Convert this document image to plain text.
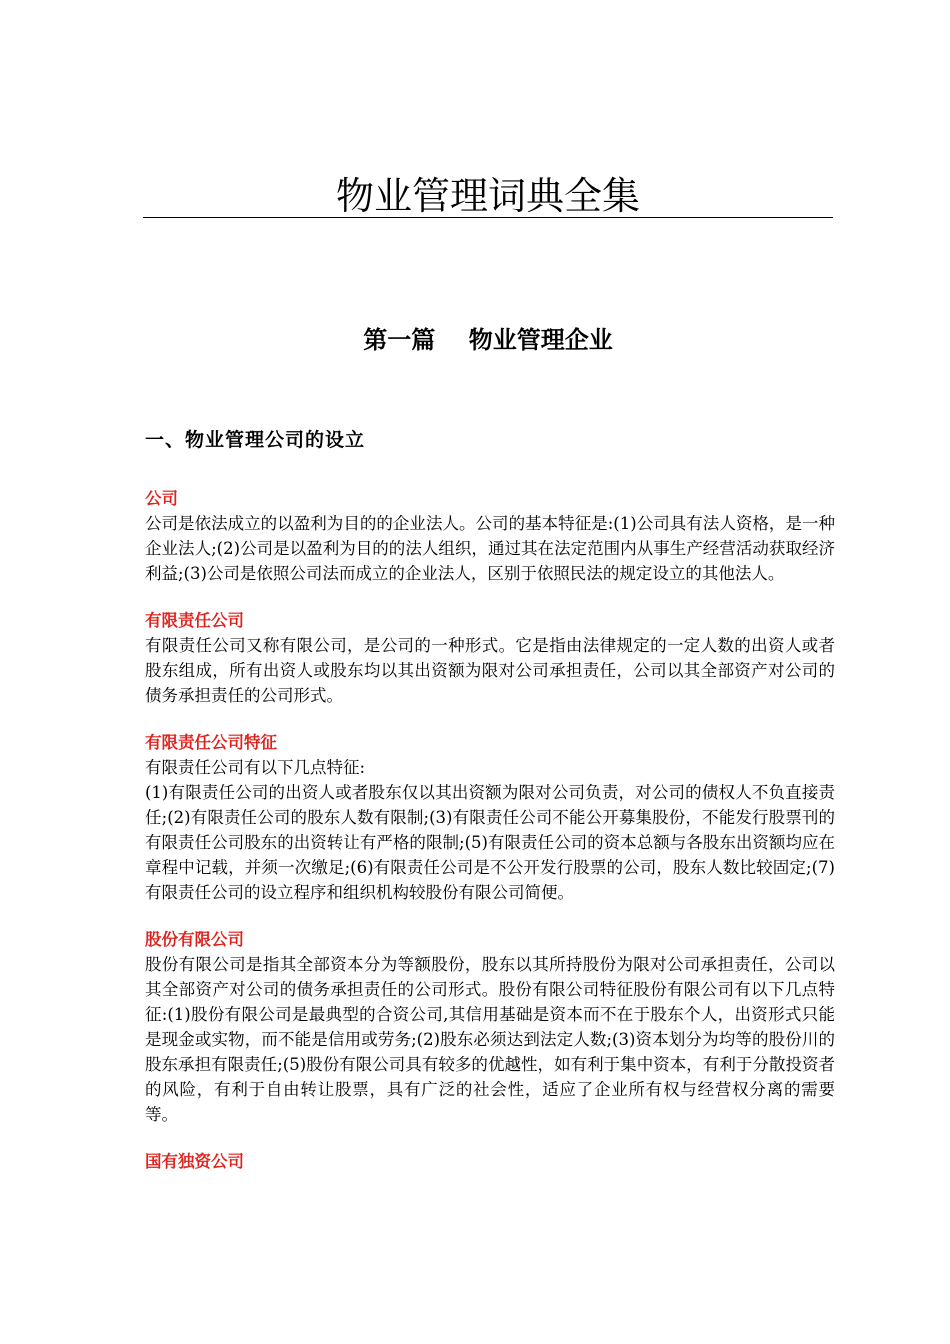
物业管理词典全集
第一篇    物业管理企业
一、物业管理公司的设立

公司

公司是依法成立的以盈利为目的的企业法人。公司的基本特征是:(1)公司具有法人资格，是一种企业法人;(2)公司是以盈利为目的的法人组织，通过其在法定范围内从事生产经营活动获取经济利益;(3)公司是依照公司法而成立的企业法人，区别于依照民法的规定设立的其他法人。

有限责任公司

有限责任公司又称有限公司，是公司的一种形式。它是指由法律规定的一定人数的出资人或者股东组成，所有出资人或股东均以其出资额为限对公司承担责任，公司以其全部资产对公司的债务承担责任的公司形式。

有限责任公司特征

有限责任公司有以下几点特征:

(1)有限责任公司的出资人或者股东仅以其出资额为限对公司负责，对公司的债权人不负直接责任;(2)有限责任公司的股东人数有限制;(3)有限责任公司不能公开募集股份，不能发行股票刊的有限责任公司股东的出资转让有严格的限制;(5)有限责任公司的资本总额与各股东出资额均应在章程中记载，并须一次缴足;(6)有限责任公司是不公开发行股票的公司，股东人数比较固定;(7)有限责任公司的设立程序和组织机构较股份有限公司简便。

股份有限公司

股份有限公司是指其全部资本分为等额股份，股东以其所持股份为限对公司承担责任，公司以其全部资产对公司的债务承担责任的公司形式。股份有限公司特征股份有限公司有以下几点特征:(1)股份有限公司是最典型的合资公司,其信用基础是资本而不在于股东个人，出资形式只能是现金或实物，而不能是信用或劳务;(2)股东必须达到法定人数;(3)资本划分为均等的股份川的股东承担有限责任;(5)股份有限公司具有较多的优越性，如有利于集中资本，有利于分散投资者的风险，有利于自由转让股票，具有广泛的社会性，适应了企业所有权与经营权分离的需要等。

国有独资公司
